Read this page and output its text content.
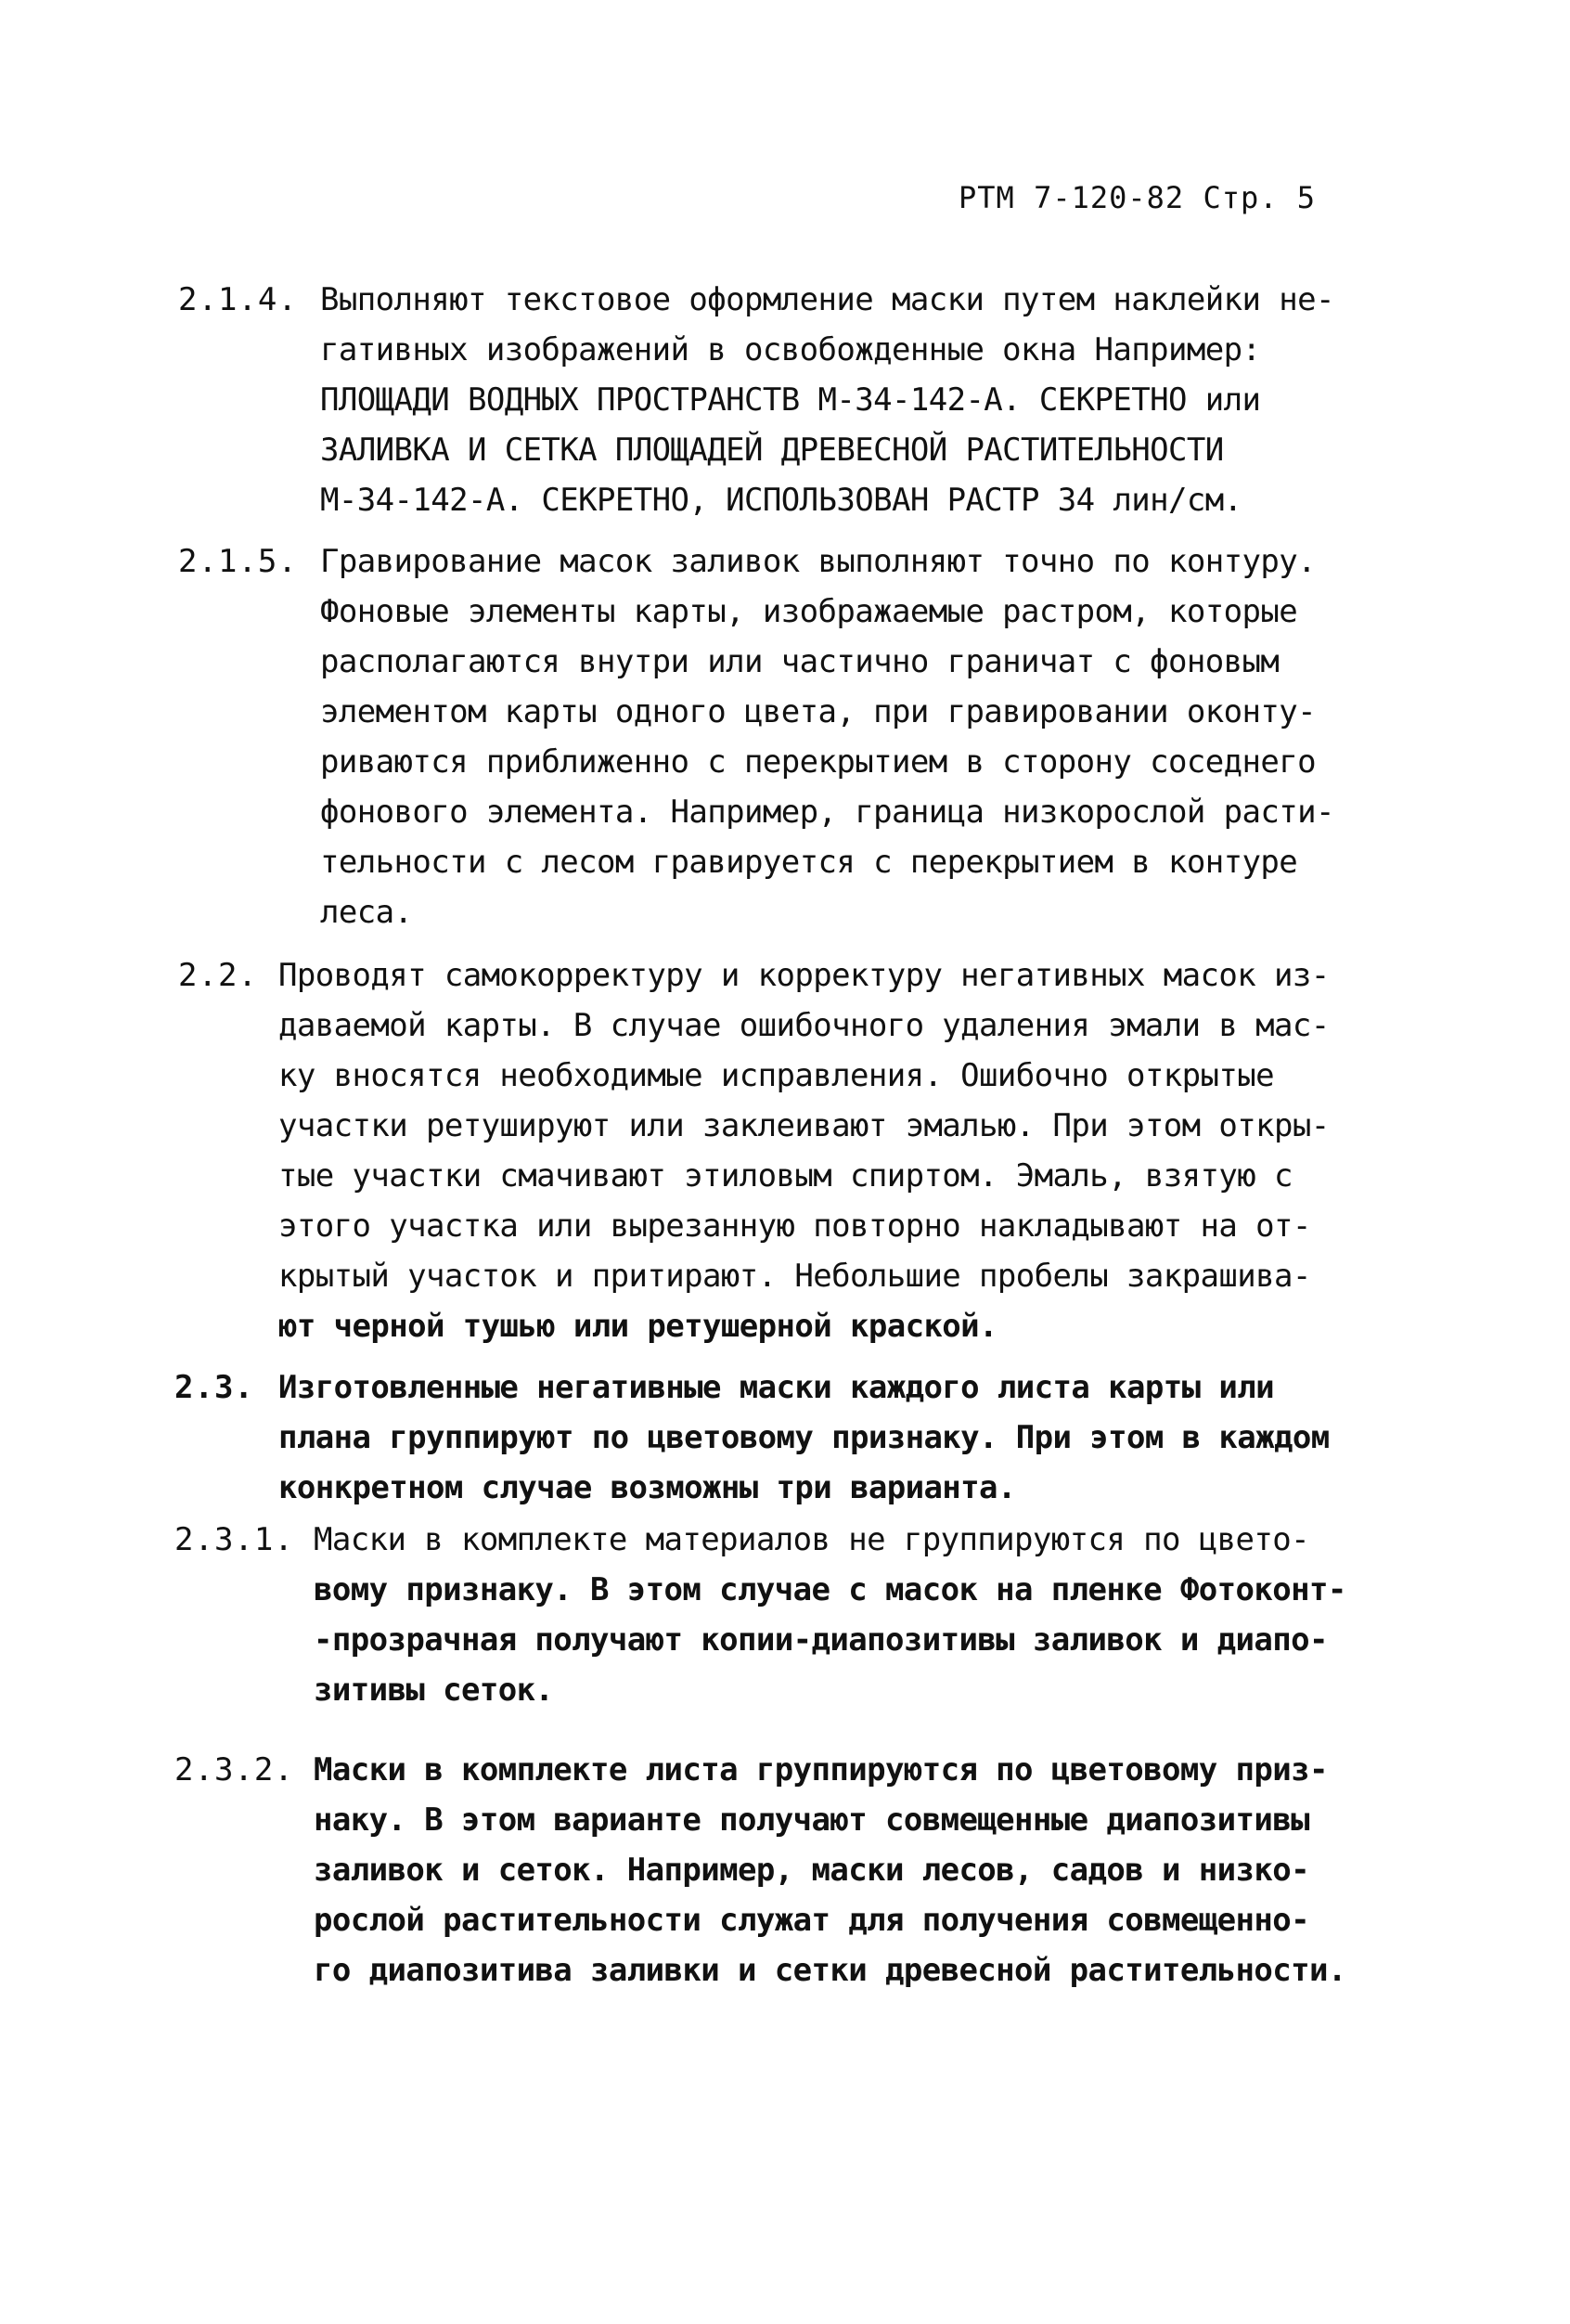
РТМ 7-120-82 Стр. 5
2.1.4. Выполняют текстовое оформление маски путем наклейки не-
гативных изображений в освобожденные окна Например:
ПЛОЩАДИ ВОДНЫХ ПРОСТРАНСТВ М-34-142-А. СЕКРЕТНО или
ЗАЛИВКА И СЕТКА ПЛОЩАДЕЙ ДРЕВЕСНОЙ РАСТИТЕЛЬНОСТИ
М-34-142-А. СЕКРЕТНО, ИСПОЛЬЗОВАН РАСТР 34 лин/см.
2.1.5. Гравирование масок заливок выполняют точно по контуру.
Фоновые элементы карты, изображаемые растром, которые
располагаются внутри или частично граничат с фоновым
элементом карты одного цвета, при гравировании оконту-
риваются приближенно с перекрытием в сторону соседнего
фонового элемента. Например, граница низкорослой расти-
тельности с лесом гравируется с перекрытием в контуре
леса.
2.2. Проводят самокорректуру и корректуру негативных масок из-
даваемой карты. В случае ошибочного удаления эмали в мас-
ку вносятся необходимые исправления. Ошибочно открытые
участки ретушируют или заклеивают эмалью. При этом откры-
тые участки смачивают этиловым спиртом. Эмаль, взятую с
этого участка или вырезанную повторно накладывают на от-
крытый участок и притирают. Небольшие пробелы закрашива-
ют черной тушью или ретушерной краской.
2.3. Изготовленные негативные маски каждого листа карты или
плана группируют по цветовому признаку. При этом в каждом
конкретном случае возможны три варианта.
2.3.1. Маски в комплекте материалов не группируются по цвето-
вому признаку. В этом случае с масок на пленке Фотоконт-
-прозрачная получают копии-диапозитивы заливок и диапо-
зитивы сеток.
2.3.2. Маски в комплекте листа группируются по цветовому приз-
наку. В этом варианте получают совмещенные диапозитивы
заливок и сеток. Например, маски лесов, садов и низко-
рослой растительности служат для получения совмещенно-
го диапозитива заливки и сетки древесной растительности.
